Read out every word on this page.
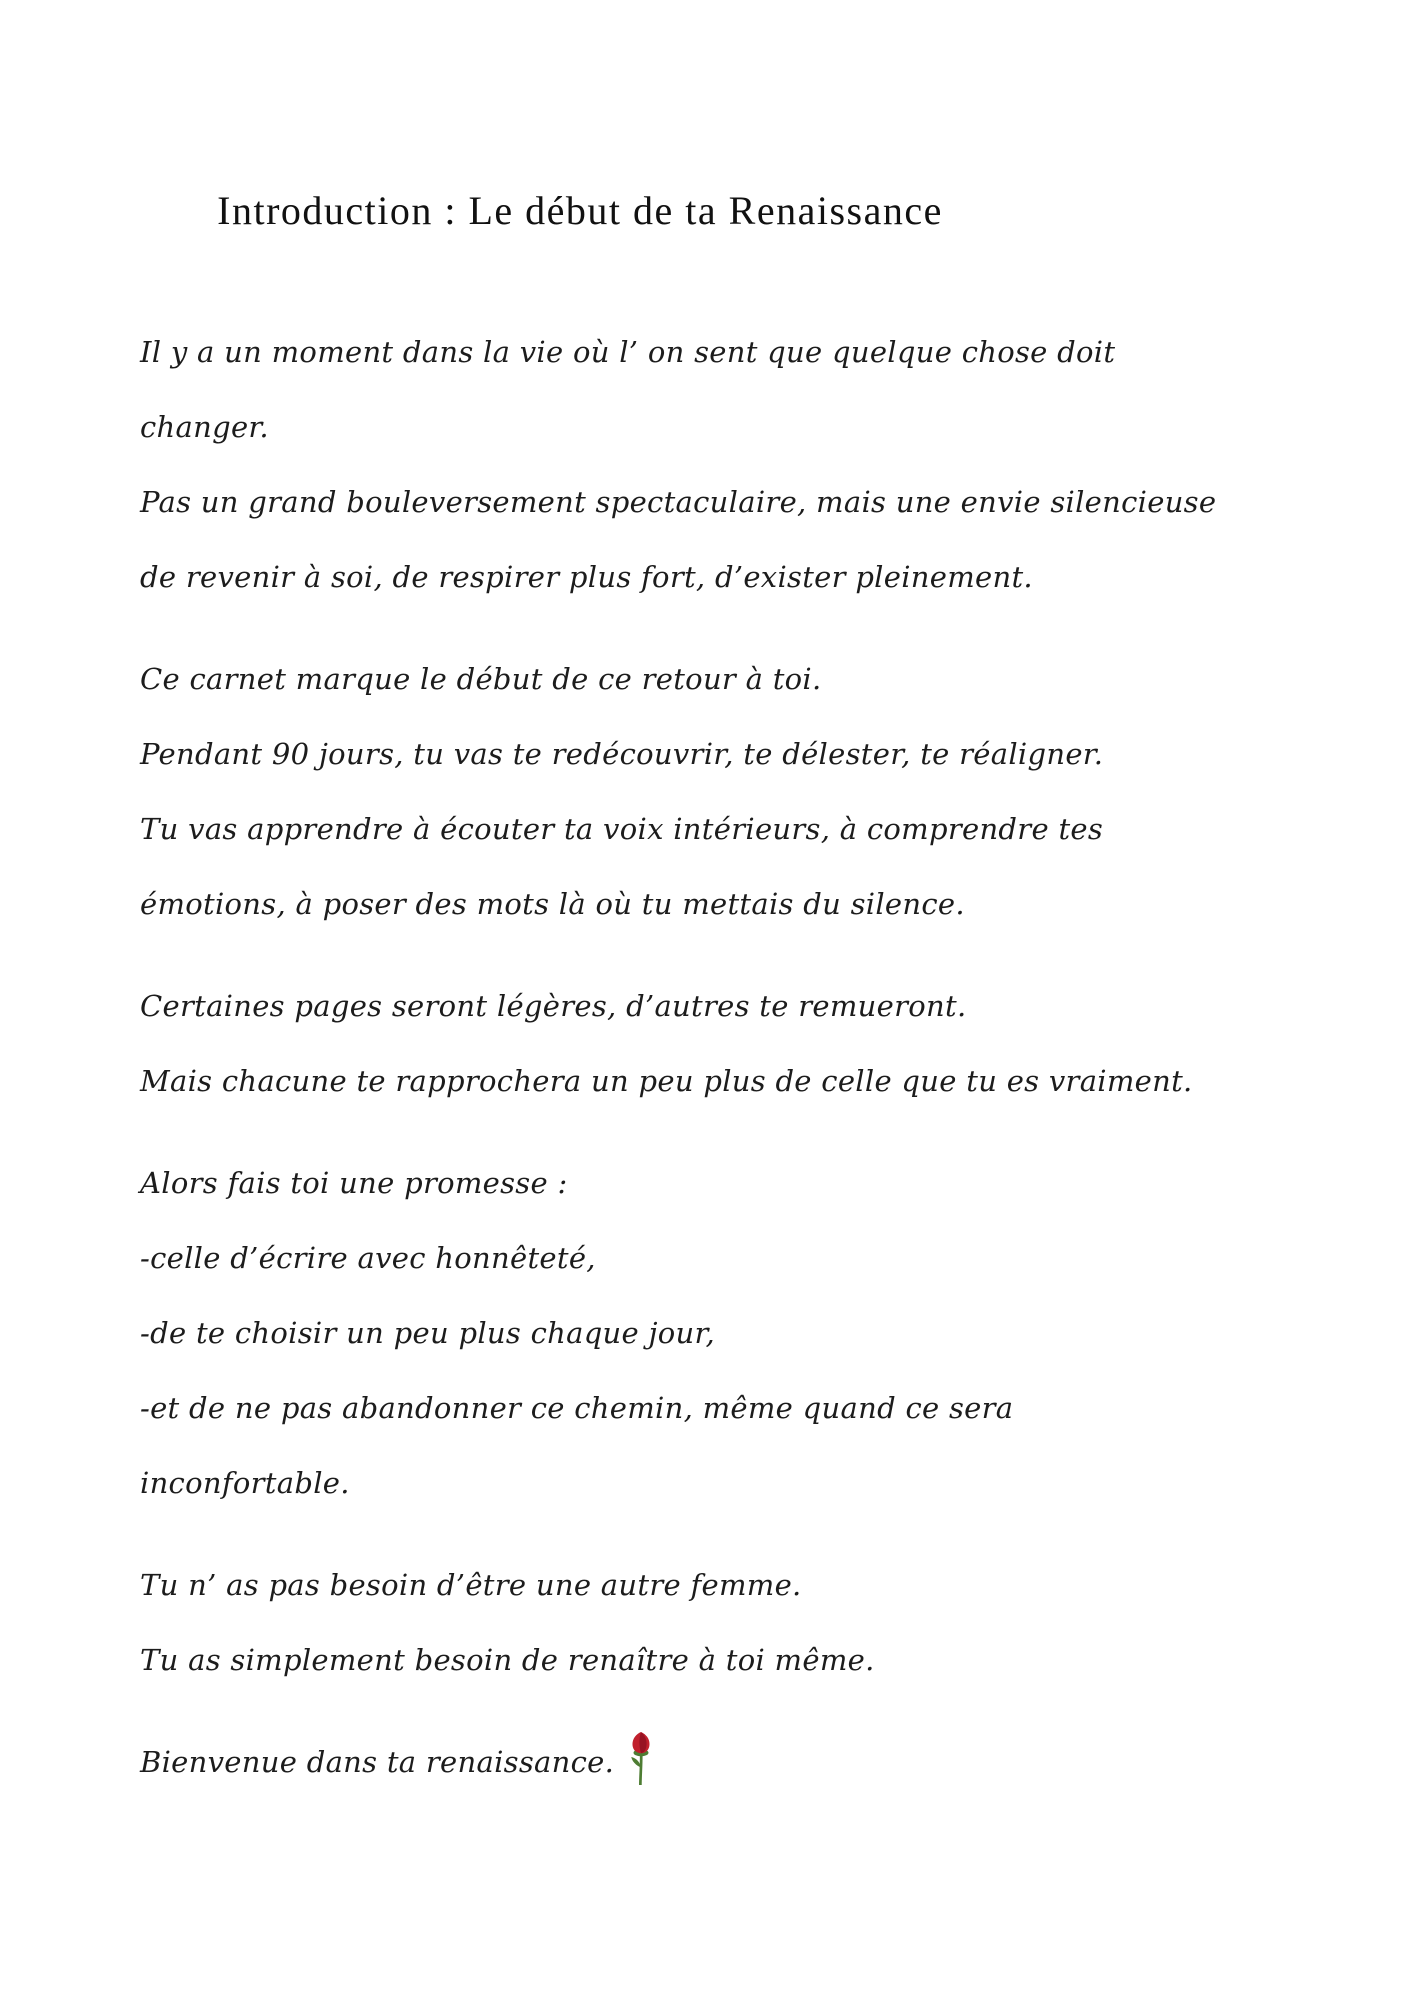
Introduction : Le début de ta Renaissance

Il y a un moment dans la vie où l’ on sent que quelque chose doit
changer.
Pas un grand bouleversement spectaculaire, mais une envie silencieuse
de revenir à soi, de respirer plus fort, d’exister pleinement.

Ce carnet marque le début de ce retour à toi.
Pendant 90 jours, tu vas te redécouvrir, te délester, te réaligner.
Tu vas apprendre à écouter ta voix intérieurs, à comprendre tes
émotions, à poser des mots là où tu mettais du silence.

Certaines pages seront légères, d’autres te remueront.
Mais chacune te rapprochera un peu plus de celle que tu es vraiment.

Alors fais toi une promesse :
-celle d’écrire avec honnêteté,
-de te choisir un peu plus chaque jour,
-et de ne pas abandonner ce chemin, même quand ce sera
inconfortable.

Tu n’ as pas besoin d’être une autre femme.
Tu as simplement besoin de renaître à toi même.

Bienvenue dans ta renaissance.
